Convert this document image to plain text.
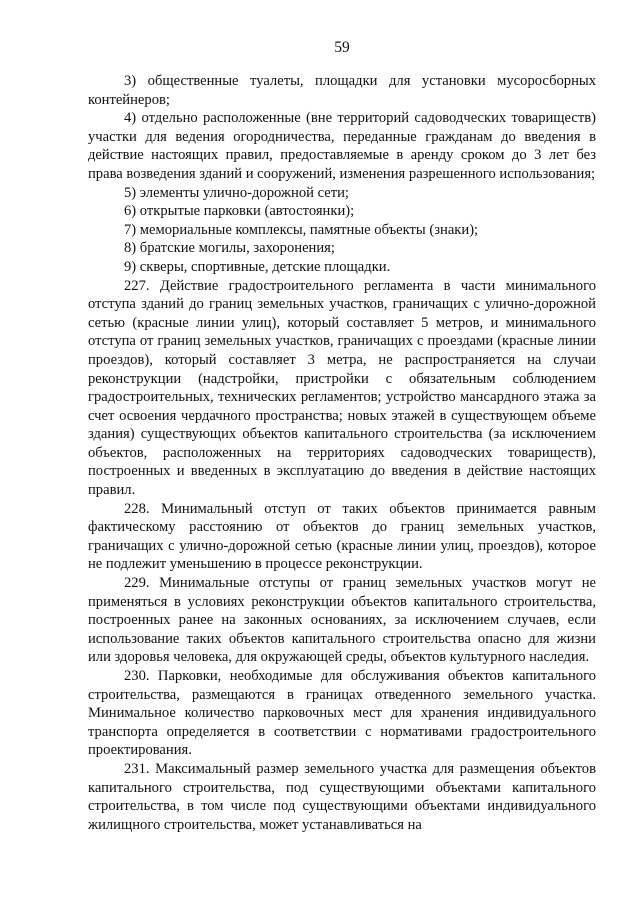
59

3) общественные туалеты, площадки для установки мусоросборных контейнеров;

4) отдельно расположенные (вне территорий садоводческих товариществ) участки для ведения огородничества, переданные гражданам до введения в действие настоящих правил, предоставляемые в аренду сроком до 3 лет без права возведения зданий и сооружений, изменения разрешенного использования;

5) элементы улично-дорожной сети;

6) открытые парковки (автостоянки);

7) мемориальные комплексы, памятные объекты (знаки);

8) братские могилы, захоронения;

9) скверы, спортивные, детские площадки.

227. Действие градостроительного регламента в части минимального отступа зданий до границ земельных участков, граничащих с улично-дорожной сетью (красные линии улиц), который составляет 5 метров, и минимального отступа от границ земельных участков, граничащих с проездами (красные линии проездов), который составляет 3 метра, не распространяется на случаи реконструкции (надстройки, пристройки с обязательным соблюдением градостроительных, технических регламентов; устройство мансардного этажа за счет освоения чердачного пространства; новых этажей в существующем объеме здания) существующих объектов капитального строительства (за исключением объектов, расположенных на территориях садоводческих товариществ), построенных и введенных в эксплуатацию до введения в действие настоящих правил.

228. Минимальный отступ от таких объектов принимается равным фактическому расстоянию от объектов до границ земельных участков, граничащих с улично-дорожной сетью (красные линии улиц, проездов), которое не подлежит уменьшению в процессе реконструкции.

229. Минимальные отступы от границ земельных участков могут не применяться в условиях реконструкции объектов капитального строительства, построенных ранее на законных основаниях, за исключением случаев, если использование таких объектов капитального строительства опасно для жизни или здоровья человека, для окружающей среды, объектов культурного наследия.

230. Парковки, необходимые для обслуживания объектов капитального строительства, размещаются в границах отведенного земельного участка. Минимальное количество парковочных мест для хранения индивидуального транспорта определяется в соответствии с нормативами градостроительного проектирования.

231. Максимальный размер земельного участка для размещения объектов капитального строительства, под существующими объектами капитального строительства, в том числе под существующими объектами индивидуального жилищного строительства, может устанавливаться на
